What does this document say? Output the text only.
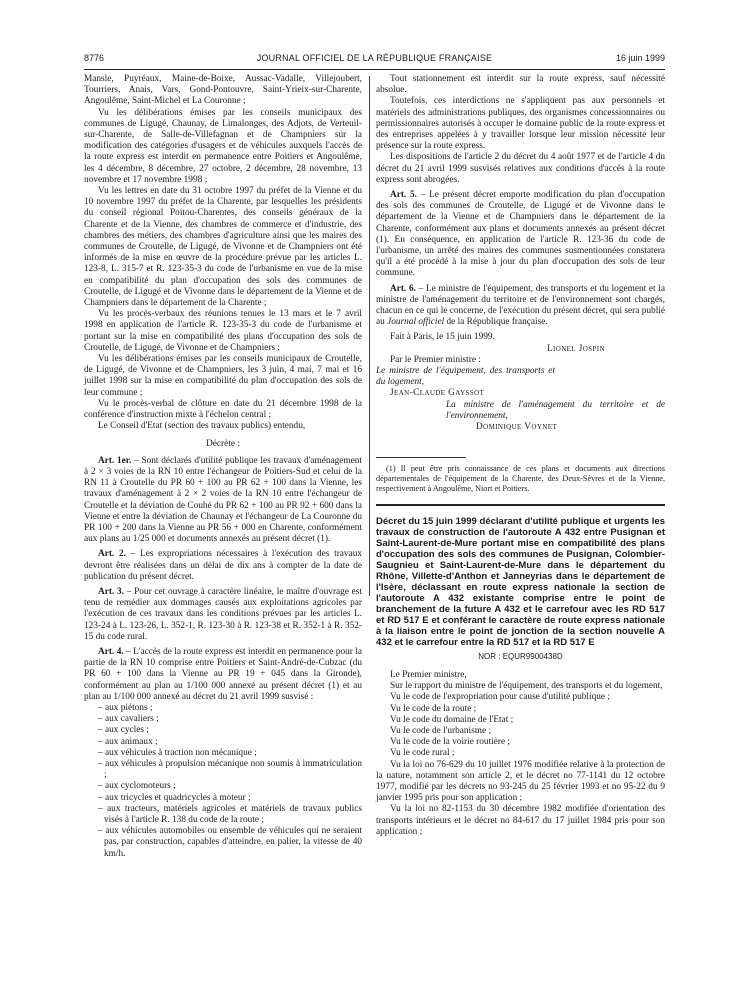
8776	JOURNAL OFFICIEL DE LA RÉPUBLIQUE FRANÇAISE	16 juin 1999

Mansle, Puyréaux, Maine-de-Boixe, Aussac-Vadalle, Villejoubert, Tourriers, Anais, Vars, Gond-Pontouvre, Saint-Yrieix-sur-Charente, Angoulême, Saint-Michel et La Couronne ;

Vu les délibérations émises par les conseils municipaux des communes de Ligugé, Chaunay, de Limalonges, des Adjots, de Verteuil-sur-Charente, de Salle-de-Villefagnan et de Champniers sur la modification des catégories d'usagers et de véhicules auxquels l'accès de la route express est interdit en permanence entre Poitiers et Angoulême, les 4 décembre, 8 décembre, 27 octobre, 2 décembre, 28 novembre, 13 novembre et 17 novembre 1998 ;

Vu les lettres en date du 31 octobre 1997 du préfet de la Vienne et du 10 novembre 1997 du préfet de la Charente, par lesquelles les présidents du conseil régional Poitou-Charentes, des conseils généraux de la Charente et de la Vienne, des chambres de commerce et d'industrie, des chambres des métiers, des chambres d'agriculture ainsi que les maires des communes de Croutelle, de Ligugé, de Vivonne et de Champniers ont été informés de la mise en œuvre de la procédure prévue par les articles L. 123-8, L. 315-7 et R. 123-35-3 du code de l'urbanisme en vue de la mise en compatibilité du plan d'occupation des sols des communes de Croutelle, de Ligugé et de Vivonne dans le département de la Vienne et de Champniers dans le département de la Charente ;

Vu les procès-verbaux des réunions tenues le 13 mars et le 7 avril 1998 en application de l'article R. 123-35-3 du code de l'urbanisme et portant sur la mise en compatibilité des plans d'occupation des sols de Croutelle, de Ligugé, de Vivonne et de Champniers ;

Vu les délibérations émises par les conseils municipaux de Croutelle, de Ligugé, de Vivonne et de Champniers, les 3 juin, 4 mai, 7 mai et 16 juillet 1998 sur la mise en compatibilité du plan d'occupation des sols de leur commune ;

Vu le procès-verbal de clôture en date du 21 décembre 1998 de la conférence d'instruction mixte à l'échelon central ;

Le Conseil d'Etat (section des travaux publics) entendu,

Décrète :

Art. 1er. – Sont déclarés d'utilité publique les travaux d'aménagement à 2 × 3 voies de la RN 10 entre l'échangeur de Poitiers-Sud et celui de la RN 11 à Croutelle du PR 60 + 100 au PR 62 + 100 dans la Vienne, les travaux d'aménagement à 2 × 2 voies de la RN 10 entre l'échangeur de Croutelle et la déviation de Couhé du PR 62 + 100 au PR 92 + 600 dans la Vienne et entre la déviation de Chaunay et l'échangeur de La Couronne du PR 100 + 200 dans la Vienne au PR 56 + 000 en Charente, conformément aux plans au 1/25 000 et documents annexés au présent décret (1).

Art. 2. – Les expropriations nécessaires à l'exécution des travaux devront être réalisées dans un délai de dix ans à compter de la date de publication du présent décret.

Art. 3. – Pour cet ouvrage à caractère linéaire, le maître d'ouvrage est tenu de remédier aux dommages causés aux exploitations agricoles par l'exécution de ces travaux dans les conditions prévues par les articles L. 123-24 à L. 123-26, L. 352-1, R. 123-30 à R. 123-38 et R. 352-1 à R. 352-15 du code rural.

Art. 4. – L'accès de la route express est interdit en permanence pour la partie de la RN 10 comprise entre Poitiers et Saint-André-de-Cubzac (du PR 60 + 100 dans la Vienne au PR 19 + 045 dans la Gironde), conformément au plan au 1/100 000 annexé au présent décret (1) et au plan au 1/100 000 annexé au décret du 21 avril 1999 susvisé :

– aux piétons ;

– aux cavaliers ;

– aux cycles ;

– aux animaux ;

– aux véhicules à traction non mécanique ;

– aux véhicules à propulsion mécanique non soumis à immatriculation ;

– aux cyclomoteurs ;

– aux tricycles et quadricycles à moteur ;

– aux tracteurs, matériels agricoles et matériels de travaux publics visés à l'article R. 138 du code de la route ;

– aux véhicules automobiles ou ensemble de véhicules qui ne seraient pas, par construction, capables d'atteindre, en palier, la vitesse de 40 km/h.

Tout stationnement est interdit sur la route express, sauf nécessité absolue.

Toutefois, ces interdictions ne s'appliquent pas aux personnels et matériels des administrations publiques, des organismes concessionnaires ou permissionnaires autorisés à occuper le domaine public de la route express et des entreprises appelées à y travailler lorsque leur mission nécessite leur présence sur la route express.

Les dispositions de l'article 2 du décret du 4 août 1977 et de l'article 4 du décret du 21 avril 1999 susvisés relatives aux conditions d'accès à la route express sont abrogées.

Art. 5. – Le présent décret emporte modification du plan d'occupation des sols des communes de Croutelle, de Ligugé et de Vivonne dans le département de la Vienne et de Champniers dans le département de la Charente, conformément aux plans et documents annexés au présent décret (1). En conséquence, en application de l'article R. 123-36 du code de l'urbanisme, un arrêté des maires des communes susmentionnées constatera qu'il a été procédé à la mise à jour du plan d'occupation des sols de leur commune.

Art. 6. – Le ministre de l'équipement, des transports et du logement et la ministre de l'aménagement du territoire et de l'environnement sont chargés, chacun en ce qui le concerne, de l'exécution du présent décret, qui sera publié au Journal officiel de la République française.

Fait à Paris, le 15 juin 1999.

Lionel Jospin

Par le Premier ministre :

Le ministre de l'équipement, des transports et du logement,

Jean-Claude Gayssot

La ministre de l'aménagement du territoire et de l'environnement,

Dominique Voynet

(1) Il peut être pris connaissance de ces plans et documents aux directions départementales de l'équipement de la Charente, des Deux-Sèvres et de la Vienne, respectivement à Angoulême, Niort et Poitiers.

Décret du 15 juin 1999 déclarant d'utilité publique et urgents les travaux de construction de l'autoroute A 432 entre Pusignan et Saint-Laurent-de-Mure portant mise en compatibilité des plans d'occupation des sols des communes de Pusignan, Colombier-Saugnieu et Saint-Laurent-de-Mure dans le département du Rhône, Villette-d'Anthon et Janneyrias dans le département de l'Isère, déclassant en route express nationale la section de l'autoroute A 432 existante comprise entre le point de branchement de la future A 432 et le carrefour avec les RD 517 et RD 517 E et conférant le caractère de route express nationale à la liaison entre le point de jonction de la section nouvelle A 432 et le carrefour entre la RD 517 et la RD 517 E

NOR : EQUR9900438D

Le Premier ministre,

Sur le rapport du ministre de l'équipement, des transports et du logement,

Vu le code de l'expropriation pour cause d'utilité publique ;

Vu le code de la route ;

Vu le code du domaine de l'Etat ;

Vu le code de l'urbanisme ;

Vu le code de la voirie routière ;

Vu le code rural ;

Vu la loi no 76-629 du 10 juillet 1976 modifiée relative à la protection de la nature, notamment son article 2, et le décret no 77-1141 du 12 octobre 1977, modifié par les décrets no 93-245 du 25 février 1993 et no 95-22 du 9 janvier 1995 pris pour son application ;

Vu la loi no 82-1153 du 30 décembre 1982 modifiée d'orientation des transports intérieurs et le décret no 84-617 du 17 juillet 1984 pris pour son application ;
